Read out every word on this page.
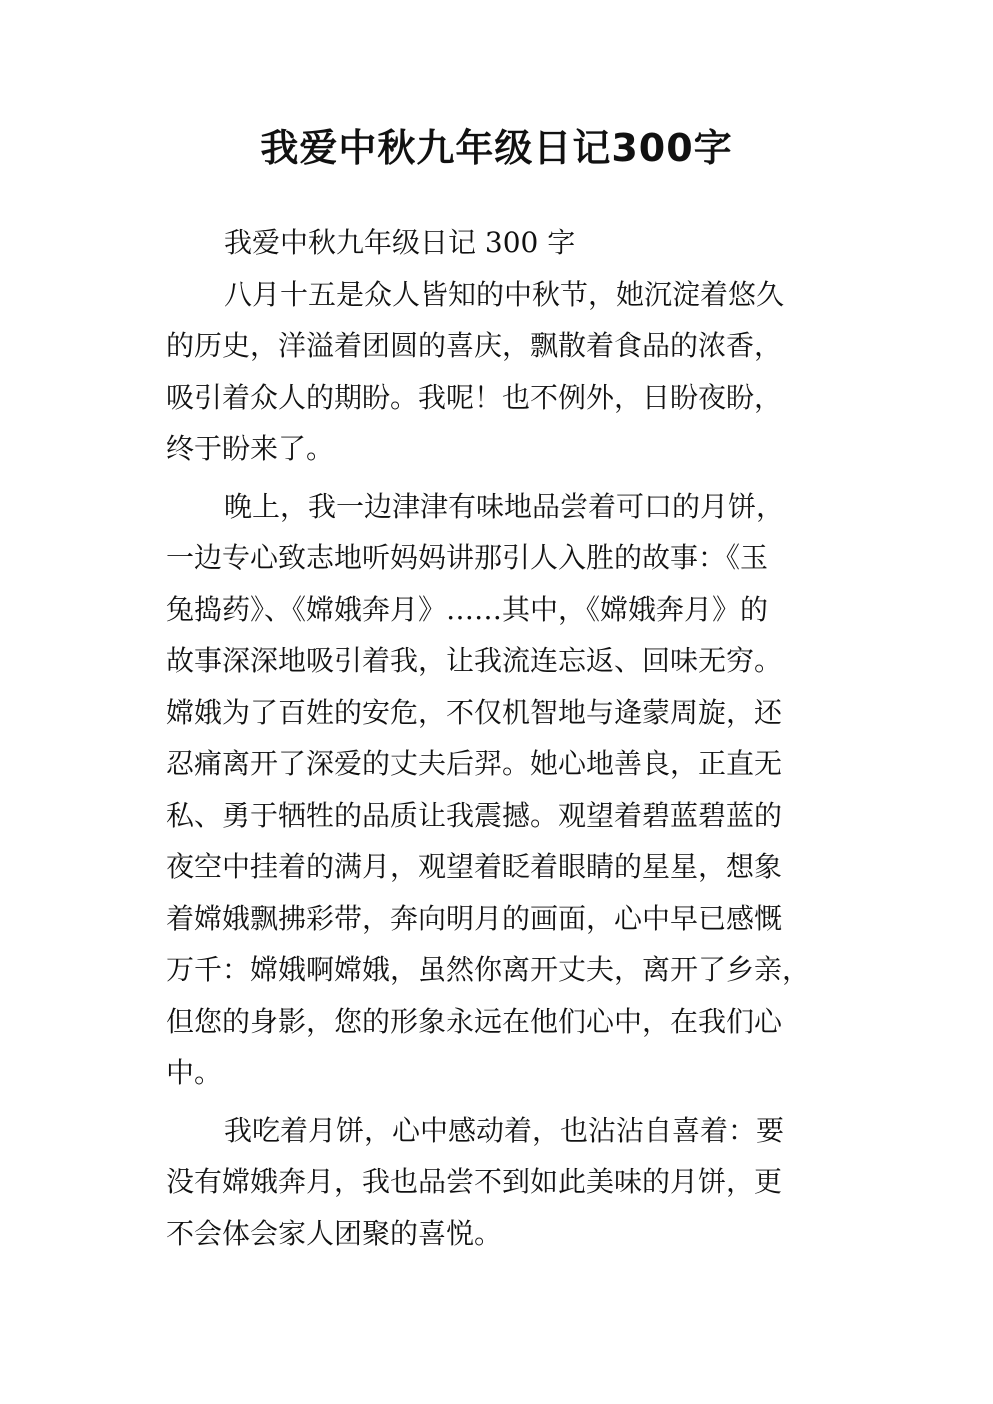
我爱中秋九年级日记300字
我爱中秋九年级日记 300 字
八月十五是众人皆知的中秋节，她沉淀着悠久
的历史，洋溢着团圆的喜庆，飘散着食品的浓香，
吸引着众人的期盼。我呢！也不例外，日盼夜盼，
终于盼来了。
晚上，我一边津津有味地品尝着可口的月饼，
一边专心致志地听妈妈讲那引人入胜的故事：《玉
兔捣药》、《嫦娥奔月》……其中，《嫦娥奔月》的
故事深深地吸引着我，让我流连忘返、回味无穷。
嫦娥为了百姓的安危，不仅机智地与逄蒙周旋，还
忍痛离开了深爱的丈夫后羿。她心地善良，正直无
私、勇于牺牲的品质让我震撼。观望着碧蓝碧蓝的
夜空中挂着的满月，观望着眨着眼睛的星星，想象
着嫦娥飘拂彩带，奔向明月的画面，心中早已感慨
万千：嫦娥啊嫦娥，虽然你离开丈夫，离开了乡亲，
但您的身影，您的形象永远在他们心中，在我们心
中。
我吃着月饼，心中感动着，也沾沾自喜着：要
没有嫦娥奔月，我也品尝不到如此美味的月饼，更
不会体会家人团聚的喜悦。
